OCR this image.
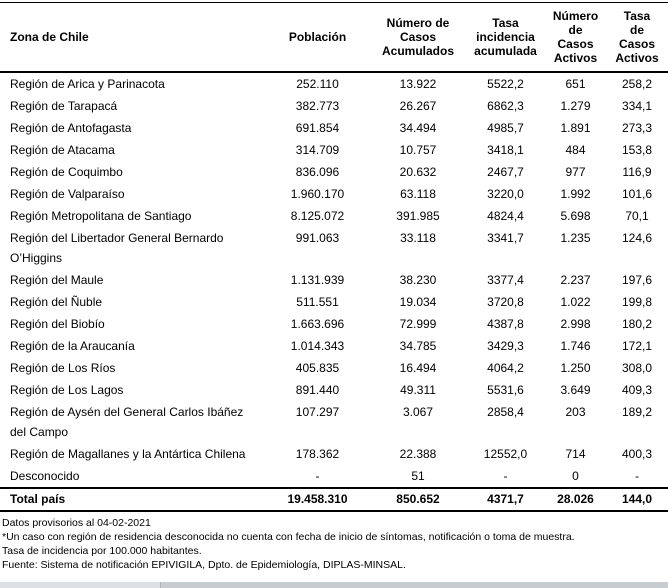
Zona de Chile	Población	Número de Casos Acumulados	Tasa incidencia acumulada	Número de Casos Activos	Tasa de Casos Activos
Región de Arica y Parinacota	252.110	13.922	5522,2	651	258,2
Región de Tarapacá	382.773	26.267	6862,3	1.279	334,1
Región de Antofagasta	691.854	34.494	4985,7	1.891	273,3
Región de Atacama	314.709	10.757	3418,1	484	153,8
Región de Coquimbo	836.096	20.632	2467,7	977	116,9
Región de Valparaíso	1.960.170	63.118	3220,0	1.992	101,6
Región Metropolitana de Santiago	8.125.072	391.985	4824,4	5.698	70,1
Región del Libertador General Bernardo O’Higgins	991.063	33.118	3341,7	1.235	124,6
Región del Maule	1.131.939	38.230	3377,4	2.237	197,6
Región del Ñuble	511.551	19.034	3720,8	1.022	199,8
Región del Biobío	1.663.696	72.999	4387,8	2.998	180,2
Región de la Araucanía	1.014.343	34.785	3429,3	1.746	172,1
Región de Los Ríos	405.835	16.494	4064,2	1.250	308,0
Región de Los Lagos	891.440	49.311	5531,6	3.649	409,3
Región de Aysén del General Carlos Ibáñez del Campo	107.297	3.067	2858,4	203	189,2
Región de Magallanes y la Antártica Chilena	178.362	22.388	12552,0	714	400,3
Desconocido	-	51	-	0	-
Total país	19.458.310	850.652	4371,7	28.026	144,0
-	-	-	-	-
Datos provisorios al 04-02-2021
*Un caso con región de residencia desconocida no cuenta con fecha de inicio de síntomas, notificación o toma de muestra.
Tasa de incidencia por 100.000 habitantes.
Fuente: Sistema de notificación EPIVIGILA, Dpto. de Epidemiología, DIPLAS-MINSAL.
